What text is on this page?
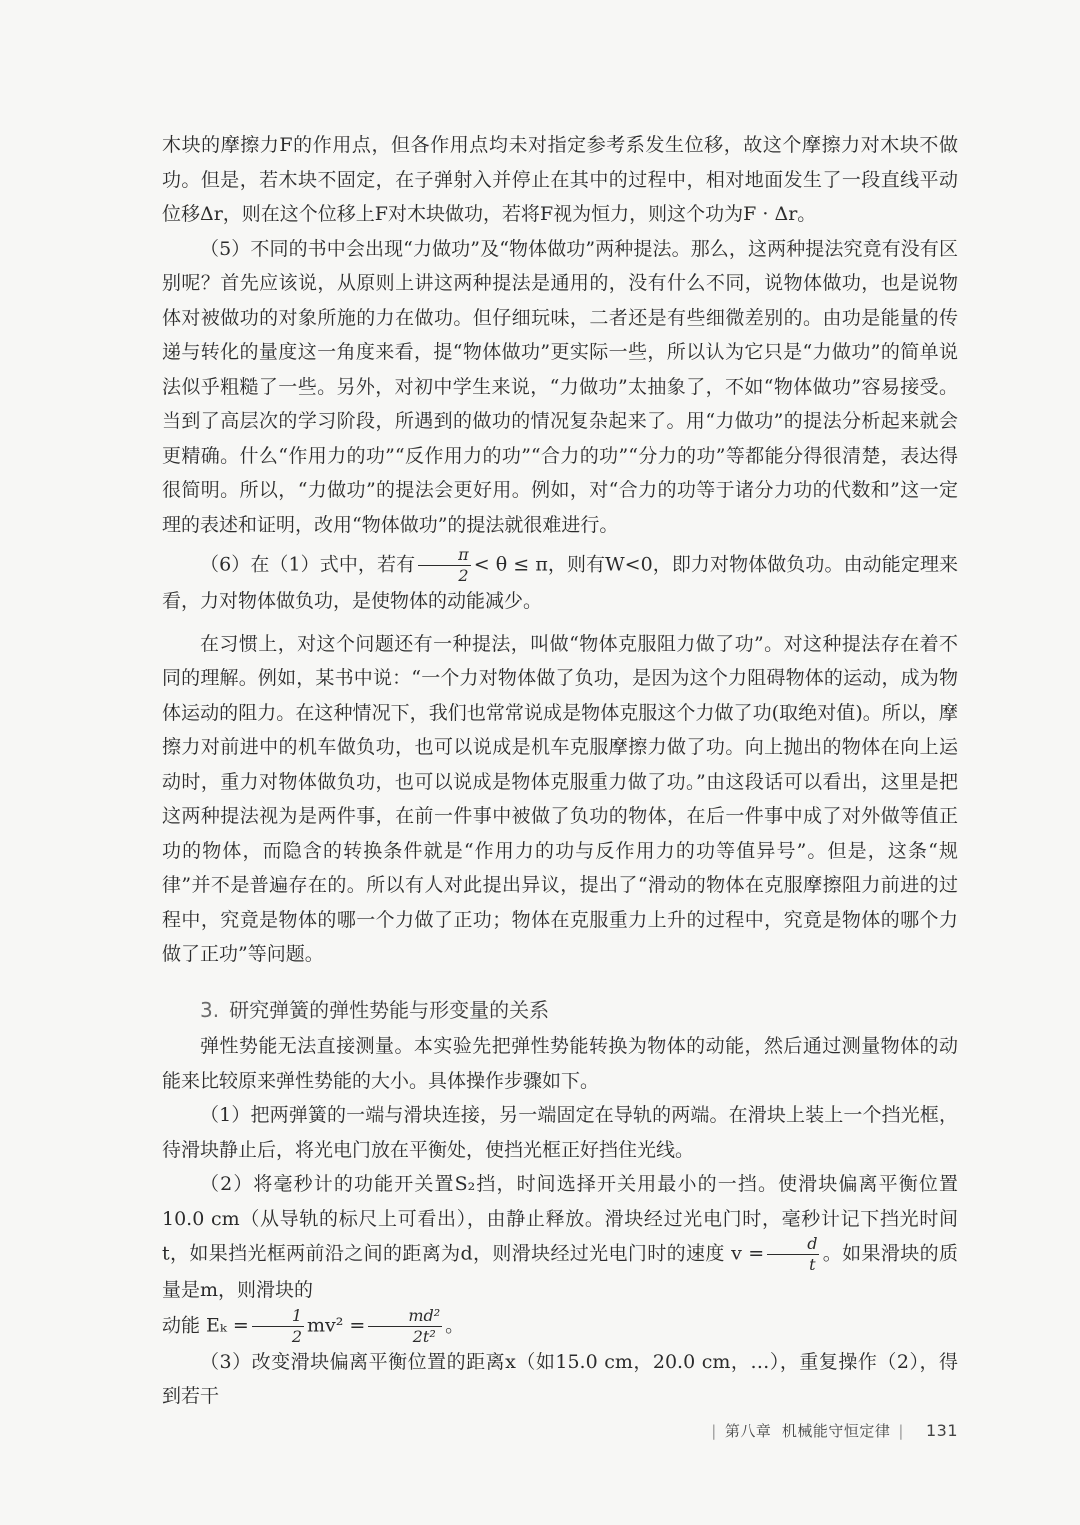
木块的摩擦力F的作用点，但各作用点均未对指定参考系发生位移，故这个摩擦力对木块不做功。但是，若木块不固定，在子弹射入并停止在其中的过程中，相对地面发生了一段直线平动位移Δr，则在这个位移上F对木块做功，若将F视为恒力，则这个功为F · Δr。

（5）不同的书中会出现“力做功”及“物体做功”两种提法。那么，这两种提法究竟有没有区别呢？首先应该说，从原则上讲这两种提法是通用的，没有什么不同，说物体做功，也是说物体对被做功的对象所施的力在做功。但仔细玩味，二者还是有些细微差别的。由功是能量的传递与转化的量度这一角度来看，提“物体做功”更实际一些，所以认为它只是“力做功”的简单说法似乎粗糙了一些。另外，对初中学生来说，“力做功”太抽象了，不如“物体做功”容易接受。当到了高层次的学习阶段，所遇到的做功的情况复杂起来了。用“力做功”的提法分析起来就会更精确。什么“作用力的功”“反作用力的功”“合力的功”“分力的功”等都能分得很清楚，表达得很简明。所以，“力做功”的提法会更好用。例如，对“合力的功等于诸分力功的代数和”这一定理的表述和证明，改用“物体做功”的提法就很难进行。

（6）在（1）式中，若有 $\frac{\pi}{2} < \theta \le \pi$，则有W<0，即力对物体做负功。由动能定理来看，力对物体做负功，是使物体的动能减少。

在习惯上，对这个问题还有一种提法，叫做“物体克服阻力做了功”。对这种提法存在着不同的理解。例如，某书中说：“一个力对物体做了负功，是因为这个力阻碍物体的运动，成为物体运动的阻力。在这种情况下，我们也常常说成是物体克服这个力做了功(取绝对值)。所以，摩擦力对前进中的机车做负功，也可以说成是机车克服摩擦力做了功。向上抛出的物体在向上运动时，重力对物体做负功，也可以说成是物体克服重力做了功。”由这段话可以看出，这里是把这两种提法视为是两件事，在前一件事中被做了负功的物体，在后一件事中成了对外做等值正功的物体，而隐含的转换条件就是“作用力的功与反作用力的功等值异号”。但是，这条“规律”并不是普遍存在的。所以有人对此提出异议，提出了“滑动的物体在克服摩擦阻力前进的过程中，究竟是物体的哪一个力做了正功；物体在克服重力上升的过程中，究竟是物体的哪个力做了正功”等问题。

3. 研究弹簧的弹性势能与形变量的关系

弹性势能无法直接测量。本实验先把弹性势能转换为物体的动能，然后通过测量物体的动能来比较原来弹性势能的大小。具体操作步骤如下。

（1）把两弹簧的一端与滑块连接，另一端固定在导轨的两端。在滑块上装上一个挡光框，待滑块静止后，将光电门放在平衡处，使挡光框正好挡住光线。

（2）将毫秒计的功能开关置S₂挡，时间选择开关用最小的一挡。使滑块偏离平衡位置10.0 cm（从导轨的标尺上可看出），由静止释放。滑块经过光电门时，毫秒计记下挡光时间t，如果挡光框两前沿之间的距离为d，则滑块经过光电门时的速度 $v = \frac{d}{t}$ 。如果滑块的质量是m，则滑块的
动能 $E_k = \frac{1}{2} mv^2 = \frac{\text{md²}}{\text{2t²}}$ 。

（3）改变滑块偏离平衡位置的距离x（如15.0 cm，20.0 cm，…），重复操作（2），得到若干

| 第八章 机械能守恒定律 | 131
